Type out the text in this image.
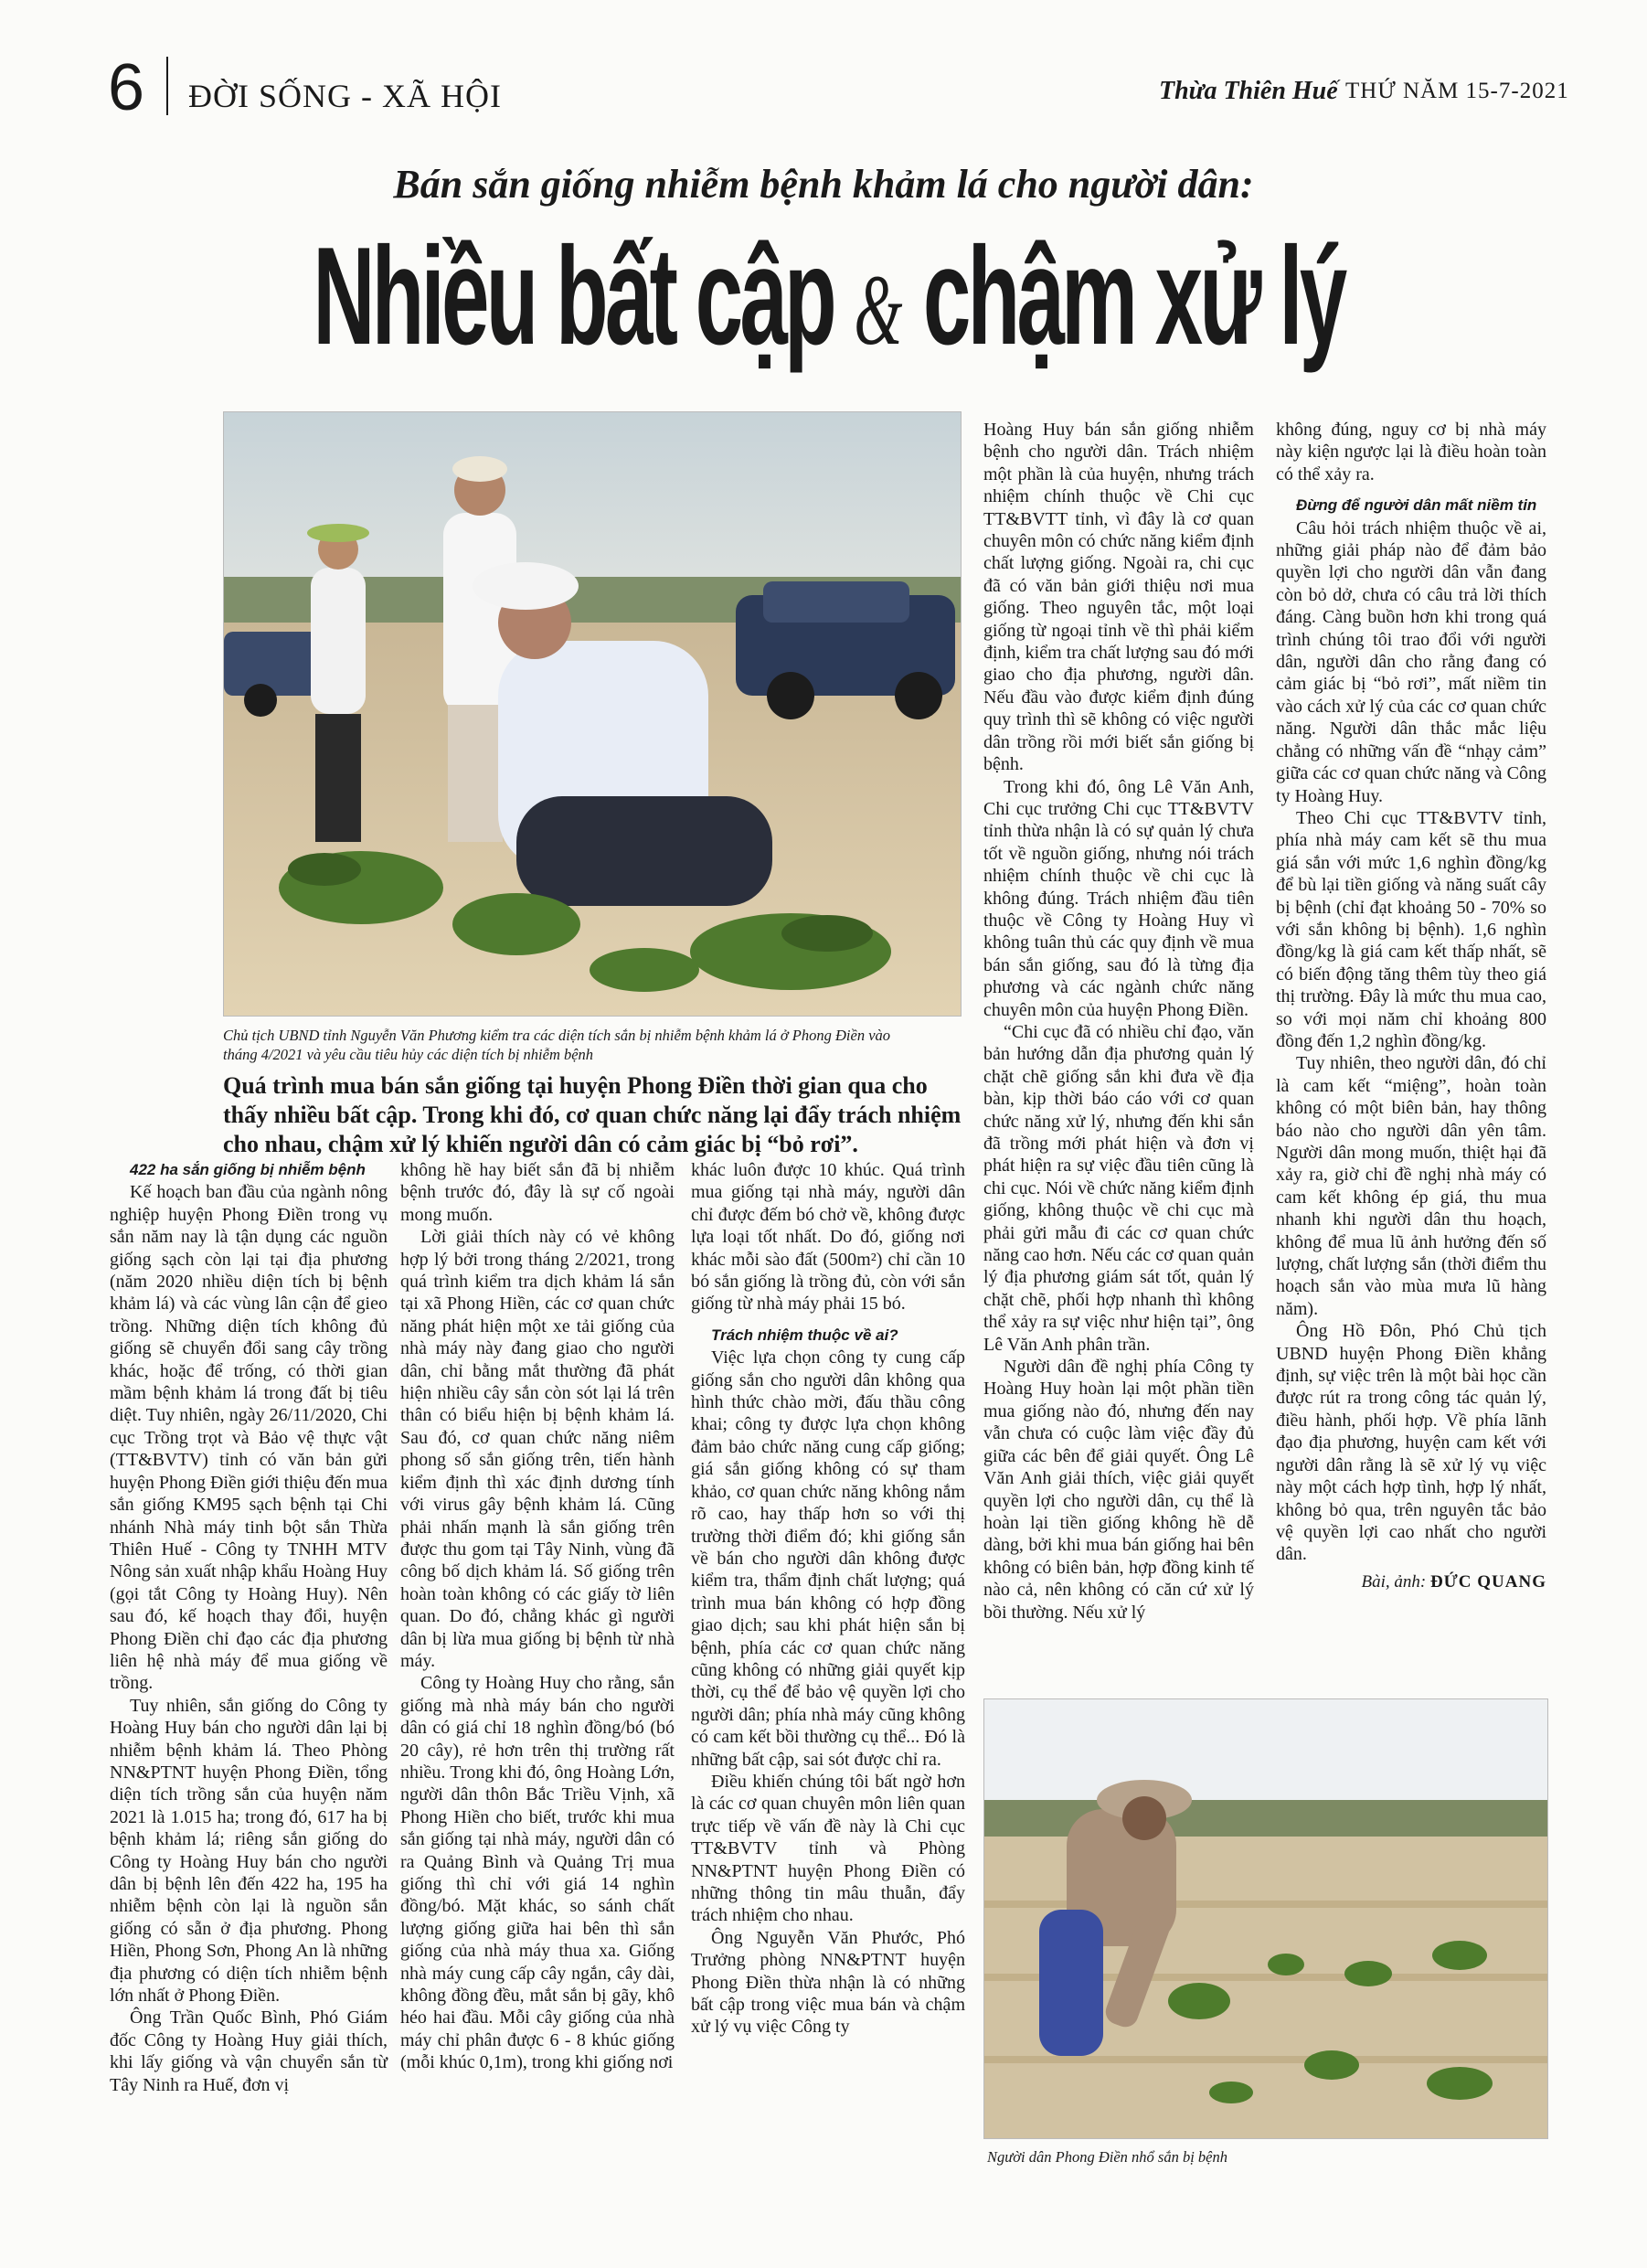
6 ĐỜI SỐNG - XÃ HỘI	Thừa Thiên Huế THỨ NĂM 15-7-2021
Bán sắn giống nhiễm bệnh khảm lá cho người dân:
Nhiều bất cập & chậm xử lý
Chủ tịch UBND tỉnh Nguyễn Văn Phương kiểm tra các diện tích sắn bị nhiễm bệnh khảm lá ở Phong Điền vào tháng 4/2021 và yêu cầu tiêu hủy các diện tích bị nhiễm bệnh
Quá trình mua bán sắn giống tại huyện Phong Điền thời gian qua cho thấy nhiều bất cập. Trong khi đó, cơ quan chức năng lại đẩy trách nhiệm cho nhau, chậm xử lý khiến người dân có cảm giác bị “bỏ rơi”.

422 ha sắn giống bị nhiễm bệnh

Kế hoạch ban đầu của ngành nông nghiệp huyện Phong Điền trong vụ sắn năm nay là tận dụng các nguồn giống sạch còn lại tại địa phương (năm 2020 nhiều diện tích bị bệnh khảm lá) và các vùng lân cận để gieo trồng. Những diện tích không đủ giống sẽ chuyển đổi sang cây trồng khác, hoặc để trống, có thời gian mầm bệnh khảm lá trong đất bị tiêu diệt. Tuy nhiên, ngày 26/11/2020, Chi cục Trồng trọt và Bảo vệ thực vật (TT&BVTV) tỉnh có văn bản gửi huyện Phong Điền giới thiệu đến mua sắn giống KM95 sạch bệnh tại Chi nhánh Nhà máy tinh bột sắn Thừa Thiên Huế - Công ty TNHH MTV Nông sản xuất nhập khẩu Hoàng Huy (gọi tắt Công ty Hoàng Huy). Nên sau đó, kế hoạch thay đổi, huyện Phong Điền chỉ đạo các địa phương liên hệ nhà máy để mua giống về trồng.

Tuy nhiên, sắn giống do Công ty Hoàng Huy bán cho người dân lại bị nhiễm bệnh khảm lá. Theo Phòng NN&PTNT huyện Phong Điền, tổng diện tích trồng sắn của huyện năm 2021 là 1.015 ha; trong đó, 617 ha bị bệnh khảm lá; riêng sắn giống do Công ty Hoàng Huy bán cho người dân bị bệnh lên đến 422 ha, 195 ha nhiễm bệnh còn lại là nguồn sắn giống có sẵn ở địa phương. Phong Hiền, Phong Sơn, Phong An là những địa phương có diện tích nhiễm bệnh lớn nhất ở Phong Điền.

Ông Trần Quốc Bình, Phó Giám đốc Công ty Hoàng Huy giải thích, khi lấy giống và vận chuyển sắn từ Tây Ninh ra Huế, đơn vị

không hề hay biết sắn đã bị nhiễm bệnh trước đó, đây là sự cố ngoài mong muốn.

Lời giải thích này có vẻ không hợp lý bởi trong tháng 2/2021, trong quá trình kiểm tra dịch khảm lá sắn tại xã Phong Hiền, các cơ quan chức năng phát hiện một xe tải giống của nhà máy này đang giao cho người dân, chỉ bằng mắt thường đã phát hiện nhiều cây sắn còn sót lại lá trên thân có biểu hiện bị bệnh khảm lá. Sau đó, cơ quan chức năng niêm phong số sắn giống trên, tiến hành kiểm định thì xác định dương tính với virus gây bệnh khảm lá. Cũng phải nhấn mạnh là sắn giống trên được thu gom tại Tây Ninh, vùng đã công bố dịch khảm lá. Số giống trên hoàn toàn không có các giấy tờ liên quan. Do đó, chẳng khác gì người dân bị lừa mua giống bị bệnh từ nhà máy.

Công ty Hoàng Huy cho rằng, sắn giống mà nhà máy bán cho người dân có giá chỉ 18 nghìn đồng/bó (bó 20 cây), rẻ hơn trên thị trường rất nhiều. Trong khi đó, ông Hoàng Lớn, người dân thôn Bắc Triều Vịnh, xã Phong Hiền cho biết, trước khi mua sắn giống tại nhà máy, người dân có ra Quảng Bình và Quảng Trị mua giống thì chỉ với giá 14 nghìn đồng/bó. Mặt khác, so sánh chất lượng giống giữa hai bên thì sắn giống của nhà máy thua xa. Giống nhà máy cung cấp cây ngắn, cây dài, không đồng đều, mắt sắn bị gãy, khô héo hai đầu. Mỗi cây giống của nhà máy chỉ phân được 6 - 8 khúc giống (mỗi khúc 0,1m), trong khi giống nơi

khác luôn được 10 khúc. Quá trình mua giống tại nhà máy, người dân chỉ được đếm bó chở về, không được lựa loại tốt nhất. Do đó, giống nơi khác mỗi sào đất (500m²) chỉ cần 10 bó sắn giống là trồng đủ, còn với sắn giống từ nhà máy phải 15 bó.

Trách nhiệm thuộc về ai?

Việc lựa chọn công ty cung cấp giống sắn cho người dân không qua hình thức chào mời, đấu thầu công khai; công ty được lựa chọn không đảm bảo chức năng cung cấp giống; giá sắn giống không có sự tham khảo, cơ quan chức năng không nắm rõ cao, hay thấp hơn so với thị trường thời điểm đó; khi giống sắn về bán cho người dân không được kiểm tra, thẩm định chất lượng; quá trình mua bán không có hợp đồng giao dịch; sau khi phát hiện sắn bị bệnh, phía các cơ quan chức năng cũng không có những giải quyết kịp thời, cụ thể để bảo vệ quyền lợi cho người dân; phía nhà máy cũng không có cam kết bồi thường cụ thể... Đó là những bất cập, sai sót được chỉ ra.

Điều khiến chúng tôi bất ngờ hơn là các cơ quan chuyên môn liên quan trực tiếp về vấn đề này là Chi cục TT&BVTV tỉnh và Phòng NN&PTNT huyện Phong Điền có những thông tin mâu thuẫn, đẩy trách nhiệm cho nhau.

Ông Nguyễn Văn Phước, Phó Trưởng phòng NN&PTNT huyện Phong Điền thừa nhận là có những bất cập trong việc mua bán và chậm xử lý vụ việc Công ty

Hoàng Huy bán sắn giống nhiễm bệnh cho người dân. Trách nhiệm một phần là của huyện, nhưng trách nhiệm chính thuộc về Chi cục TT&BVTT tỉnh, vì đây là cơ quan chuyên môn có chức năng kiểm định chất lượng giống. Ngoài ra, chi cục đã có văn bản giới thiệu nơi mua giống. Theo nguyên tắc, một loại giống từ ngoại tỉnh về thì phải kiểm định, kiểm tra chất lượng sau đó mới giao cho địa phương, người dân. Nếu đầu vào được kiểm định đúng quy trình thì sẽ không có việc người dân trồng rồi mới biết sắn giống bị bệnh.

Trong khi đó, ông Lê Văn Anh, Chi cục trưởng Chi cục TT&BVTV tỉnh thừa nhận là có sự quản lý chưa tốt về nguồn giống, nhưng nói trách nhiệm chính thuộc về chi cục là không đúng. Trách nhiệm đầu tiên thuộc về Công ty Hoàng Huy vì không tuân thủ các quy định về mua bán sắn giống, sau đó là từng địa phương và các ngành chức năng chuyên môn của huyện Phong Điền.

“Chi cục đã có nhiều chỉ đạo, văn bản hướng dẫn địa phương quản lý chặt chẽ giống sắn khi đưa về địa bàn, kịp thời báo cáo với cơ quan chức năng xử lý, nhưng đến khi sắn đã trồng mới phát hiện và đơn vị phát hiện ra sự việc đầu tiên cũng là chi cục. Nói về chức năng kiểm định giống, không thuộc về chi cục mà phải gửi mẫu đi các cơ quan chức năng cao hơn. Nếu các cơ quan quản lý địa phương giám sát tốt, quản lý chặt chẽ, phối hợp nhanh thì không thể xảy ra sự việc như hiện tại”, ông Lê Văn Anh phân trần.

Người dân đề nghị phía Công ty Hoàng Huy hoàn lại một phần tiền mua giống nào đó, nhưng đến nay vẫn chưa có cuộc làm việc đầy đủ giữa các bên để giải quyết. Ông Lê Văn Anh giải thích, việc giải quyết quyền lợi cho người dân, cụ thể là hoàn lại tiền giống không hề dễ dàng, bởi khi mua bán giống hai bên không có biên bản, hợp đồng kinh tế nào cả, nên không có căn cứ xử lý bồi thường. Nếu xử lý

không đúng, nguy cơ bị nhà máy này kiện ngược lại là điều hoàn toàn có thể xảy ra.

Đừng để người dân mất niềm tin

Câu hỏi trách nhiệm thuộc về ai, những giải pháp nào để đảm bảo quyền lợi cho người dân vẫn đang còn bỏ dở, chưa có câu trả lời thích đáng. Càng buồn hơn khi trong quá trình chúng tôi trao đổi với người dân, người dân cho rằng đang có cảm giác bị “bỏ rơi”, mất niềm tin vào cách xử lý của các cơ quan chức năng. Người dân thắc mắc liệu chẳng có những vấn đề “nhạy cảm” giữa các cơ quan chức năng và Công ty Hoàng Huy.

Theo Chi cục TT&BVTV tỉnh, phía nhà máy cam kết sẽ thu mua giá sắn với mức 1,6 nghìn đồng/kg để bù lại tiền giống và năng suất cây bị bệnh (chỉ đạt khoảng 50 - 70% so với sắn không bị bệnh). 1,6 nghìn đồng/kg là giá cam kết thấp nhất, sẽ có biến động tăng thêm tùy theo giá thị trường. Đây là mức thu mua cao, so với mọi năm chỉ khoảng 800 đồng đến 1,2 nghìn đồng/kg.

Tuy nhiên, theo người dân, đó chỉ là cam kết “miệng”, hoàn toàn không có một biên bản, hay thông báo nào cho người dân yên tâm. Người dân mong muốn, thiệt hại đã xảy ra, giờ chỉ đề nghị nhà máy có cam kết không ép giá, thu mua nhanh khi người dân thu hoạch, không để mua lũ ảnh hưởng đến số lượng, chất lượng sắn (thời điểm thu hoạch sắn vào mùa mưa lũ hàng năm).

Ông Hồ Đôn, Phó Chủ tịch UBND huyện Phong Điền khẳng định, sự việc trên là một bài học cần được rút ra trong công tác quản lý, điều hành, phối hợp. Về phía lãnh đạo địa phương, huyện cam kết với người dân rằng là sẽ xử lý vụ việc này một cách hợp tình, hợp lý nhất, không bỏ qua, trên nguyên tắc bảo vệ quyền lợi cao nhất cho người dân.

Bài, ảnh: ĐỨC QUANG
Người dân Phong Điền nhổ sắn bị bệnh
